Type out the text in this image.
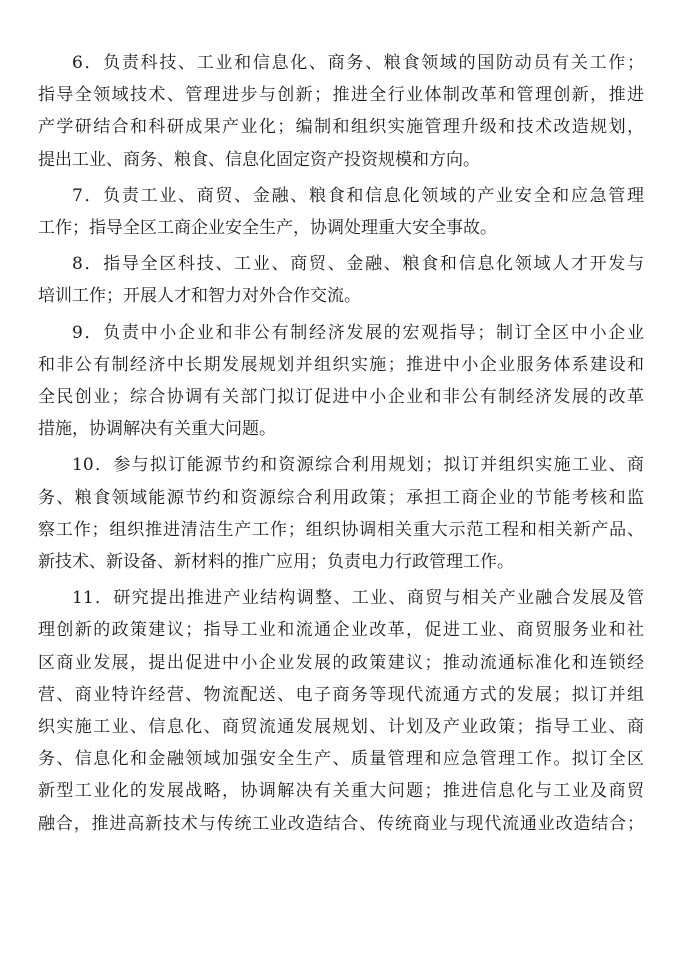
6．负责科技、工业和信息化、商务、粮食领域的国防动员有关工作；
指导全领域技术、管理进步与创新；推进全行业体制改革和管理创新，推进
产学研结合和科研成果产业化；编制和组织实施管理升级和技术改造规划，
提出工业、商务、粮食、信息化固定资产投资规模和方向。
7．负责工业、商贸、金融、粮食和信息化领域的产业安全和应急管理
工作；指导全区工商企业安全生产，协调处理重大安全事故。
8．指导全区科技、工业、商贸、金融、粮食和信息化领域人才开发与
培训工作；开展人才和智力对外合作交流。
9．负责中小企业和非公有制经济发展的宏观指导；制订全区中小企业
和非公有制经济中长期发展规划并组织实施；推进中小企业服务体系建设和
全民创业；综合协调有关部门拟订促进中小企业和非公有制经济发展的改革
措施，协调解决有关重大问题。
10．参与拟订能源节约和资源综合利用规划；拟订并组织实施工业、商
务、粮食领域能源节约和资源综合利用政策；承担工商企业的节能考核和监
察工作；组织推进清洁生产工作；组织协调相关重大示范工程和相关新产品、
新技术、新设备、新材料的推广应用；负责电力行政管理工作。
11．研究提出推进产业结构调整、工业、商贸与相关产业融合发展及管
理创新的政策建议；指导工业和流通企业改革，促进工业、商贸服务业和社
区商业发展，提出促进中小企业发展的政策建议；推动流通标准化和连锁经
营、商业特许经营、物流配送、电子商务等现代流通方式的发展；拟订并组
织实施工业、信息化、商贸流通发展规划、计划及产业政策；指导工业、商
务、信息化和金融领域加强安全生产、质量管理和应急管理工作。拟订全区
新型工业化的发展战略，协调解决有关重大问题；推进信息化与工业及商贸
融合，推进高新技术与传统工业改造结合、传统商业与现代流通业改造结合；
